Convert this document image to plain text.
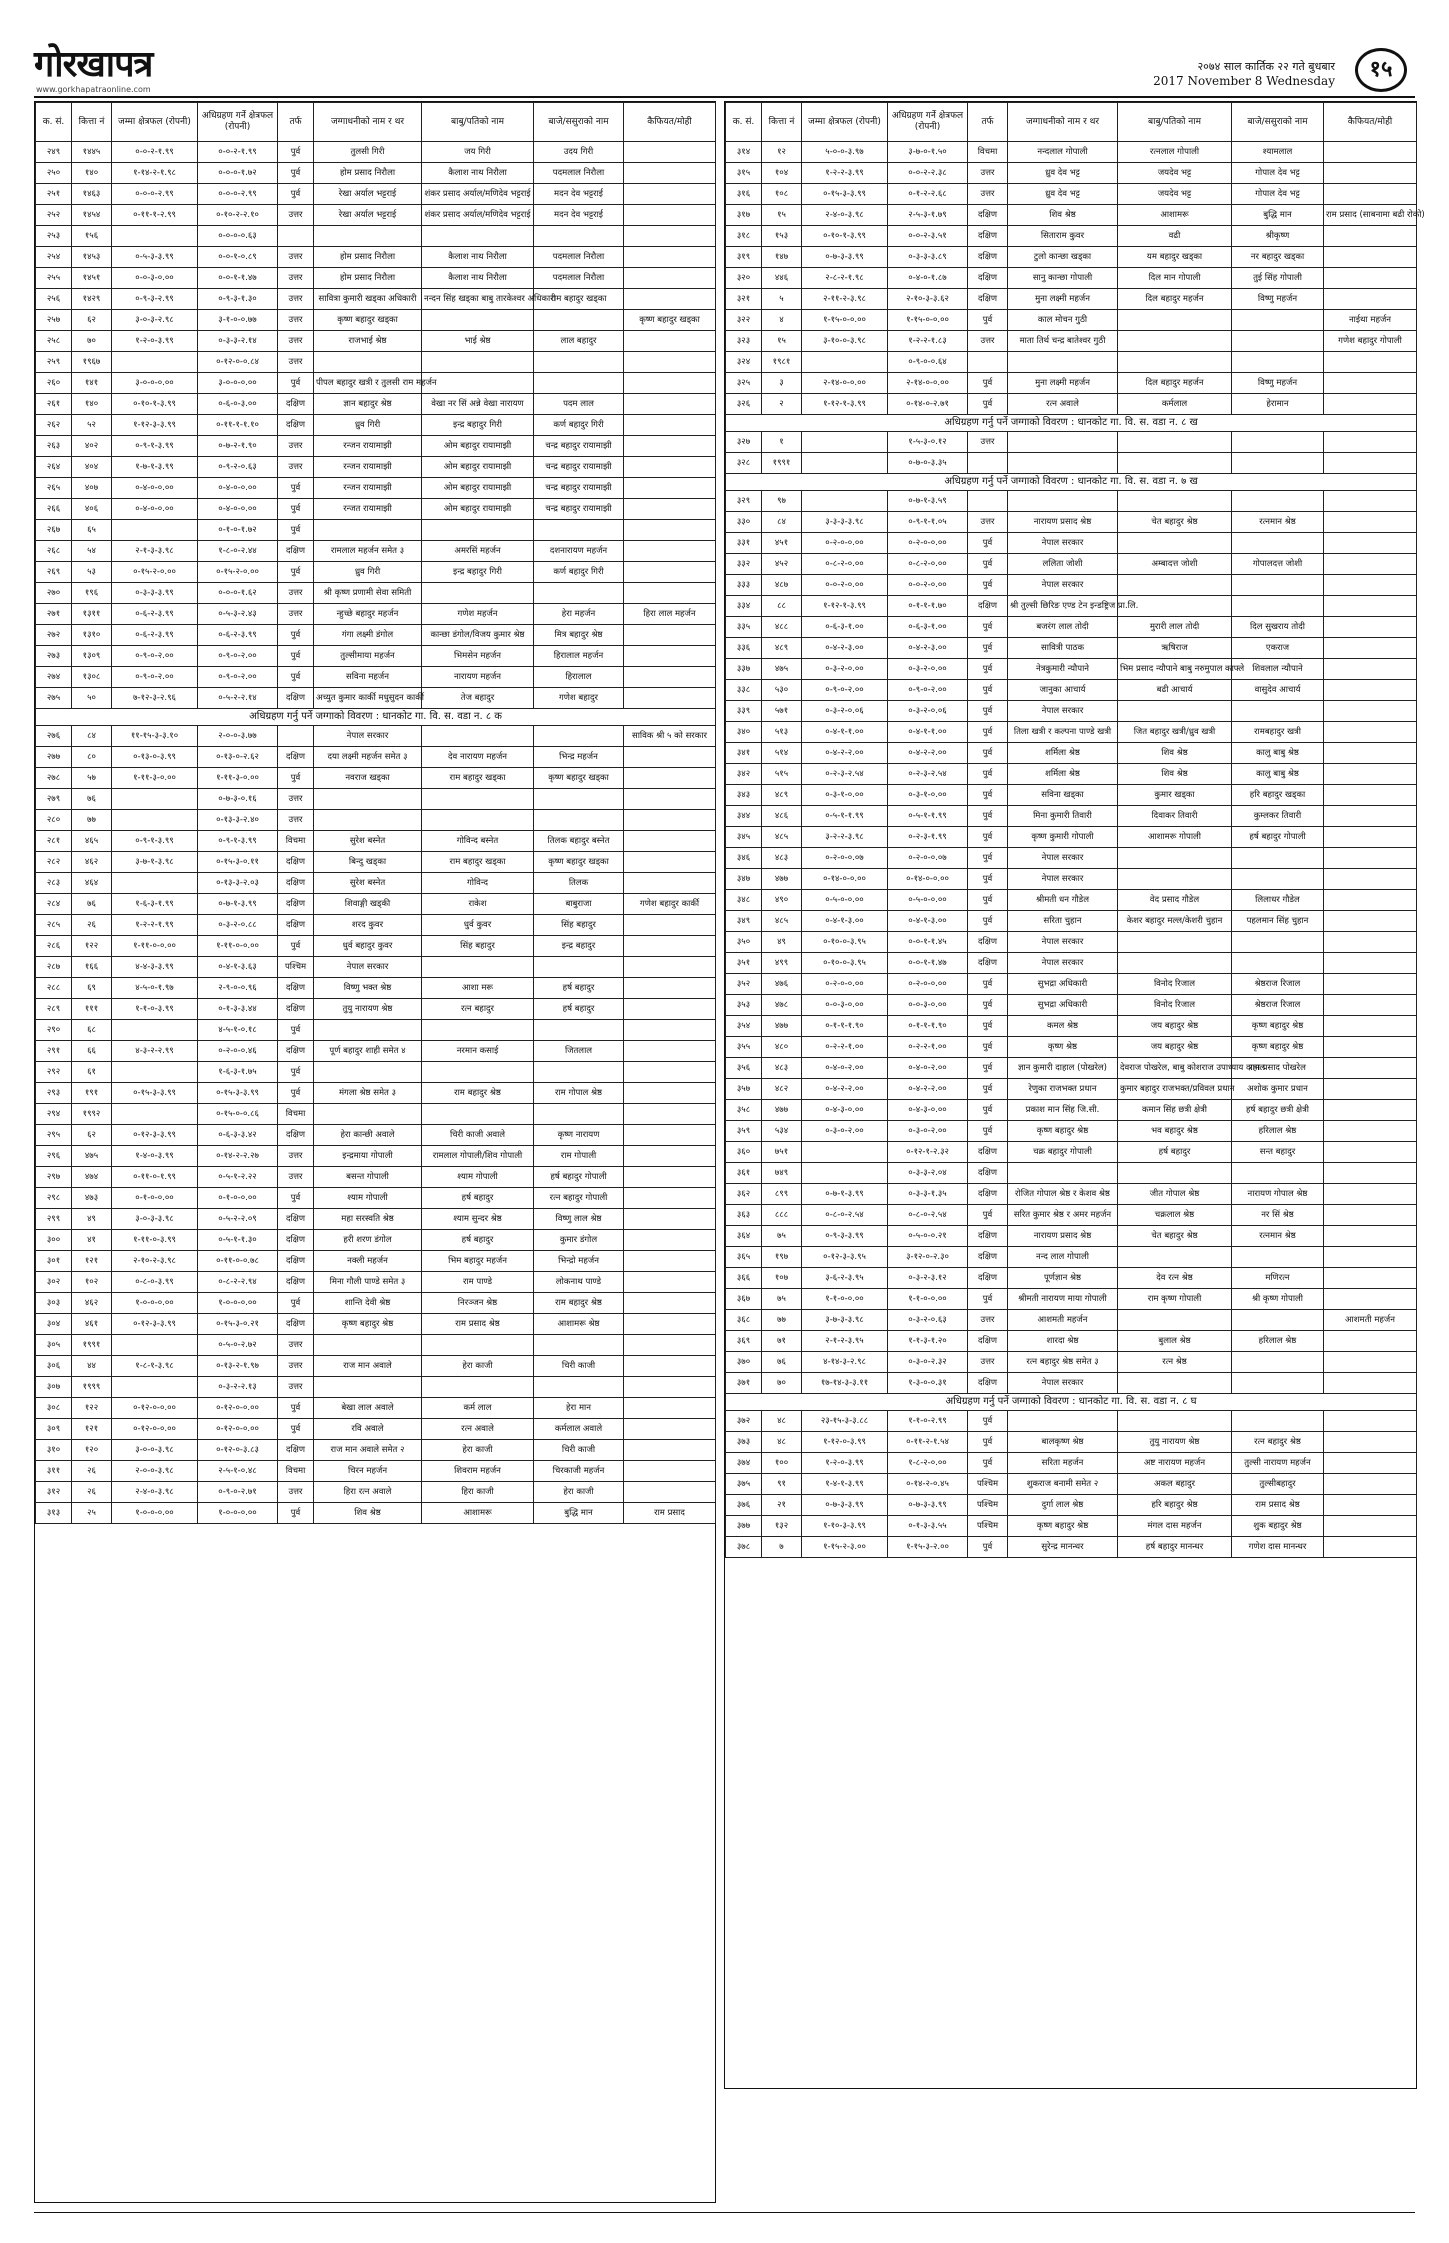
गोरखापत्र
www.gorkhapatraonline.com
२०७४ साल कार्तिक २२ गते बुधबार
2017 November 8 Wednesday	१५
क. सं.	कित्ता नं	जम्मा क्षेत्रफल (रोपनी)	अधिग्रहण गर्ने क्षेत्रफल (रोपनी)	तर्फ	जग्गाधनीको नाम र थर	बाबु/पतिको नाम	बाजे/ससुराको नाम	कैफियत/मोही
२४९	१४४५	०-०-२-१.९९	०-०-२-१.९९	पुर्व	तुलसी गिरी	जय गिरी	उदय गिरी	
२५०	१४०	१-१४-२-१.९८	०-०-०-१.७२	पुर्व	होम प्रसाद निरौला	कैलाश नाथ निरौला	पदमलाल निरौला	
२५१	१४६३	०-०-०-२.९९	०-०-०-२.९९	पुर्व	रेखा अर्याल भट्टराई	शंकर प्रसाद अर्याल/मणिदेव भट्टराई	मदन देव भट्टराई	
२५२	१४५४	०-११-१-२.९९	०-१०-२-२.१०	उत्तर	रेखा अर्याल भट्टराई	शंकर प्रसाद अर्याल/मणिदेव भट्टराई	मदन देव भट्टराई	
२५३	१५६		०-०-०-०.६३					
२५४	१४५३	०-५-३-३.९९	०-०-१-०.८९	उत्तर	होम प्रसाद निरौला	कैलाश नाथ निरौला	पदमलाल निरौला	
२५५	१४५१	०-०-३-०.००	०-०-१-१.४७	उत्तर	होम प्रसाद निरौला	कैलाश नाथ निरौला	पदमलाल निरौला	
२५६	१४२९	०-९-३-२.९९	०-९-३-१.३०	उत्तर	सावित्रा कुमारी खड्का अधिकारी	नन्दन सिंह खड्का बाबु तारकेश्वर अधिकारी	राम बहादुर खड्का	
२५७	६२	३-०-३-२.९८	३-१-०-०.७७	उत्तर	कृष्ण बहादुर खड्का			कृष्ण बहादुर खड्का
२५८	७०	१-२-०-३.९९	०-३-३-२.१४	उत्तर	राजभाई श्रेष्ठ	भाई श्रेष्ठ	लाल बहादुर	
२५९	१९६७		०-१२-०-०.८४	उत्तर				
२६०	१४१	३-०-०-०.००	३-०-०-०.००	पुर्व	पीपल बहादुर खत्री र तुलसी राम महर्जन			
२६१	१४०	०-१०-१-३.९९	०-६-०-३.००	दक्षिण	ज्ञान बहादुर श्रेष्ठ	वेखा नर सिं अन्ने वेखा नारायण	पदम लाल	
२६२	५२	१-१२-३-३.९९	०-११-१-१.१०	दक्षिण	ध्रुव गिरी	इन्द्र बहादुर गिरी	कर्ण बहादुर गिरी	
२६३	४०२	०-९-१-३.९९	०-७-२-१.९०	उत्तर	रन्जन रायामाझी	ओम बहादुर रायामाझी	चन्द्र बहादुर रायामाझी	
२६४	४०४	१-७-१-३.९९	०-९-२-०.६३	उत्तर	रन्जन रायामाझी	ओम बहादुर रायामाझी	चन्द्र बहादुर रायामाझी	
२६५	४०७	०-४-०-०.००	०-४-०-०.००	पुर्व	रन्जन रायामाझी	ओम बहादुर रायामाझी	चन्द्र बहादुर रायामाझी	
२६६	४०६	०-४-०-०.००	०-४-०-०.००	पुर्व	रन्जत रायामाझी	ओम बहादुर रायामाझी	चन्द्र बहादुर रायामाझी	
२६७	६५		०-१-०-१.७२	पुर्व				
२६८	५४	२-१-३-३.९८	१-८-०-२.४४	दक्षिण	रामलाल महर्जन समेत ३	अमरसिं महर्जन	दशनारायण महर्जन	
२६९	५३	०-१५-२-०.००	०-१५-२-०.००	पुर्व	ध्रुव गिरी	इन्द्र बहादुर गिरी	कर्ण बहादुर गिरी	
२७०	१९६	०-३-३-३.९९	०-०-०-१.६२	उत्तर	श्री कृष्ण प्रणामी सेवा समिती			
२७१	१३११	०-६-२-३.९९	०-५-३-२.४३	उत्तर	न्हुच्छे बहादुर महर्जन	गणेश महर्जन	हेरा महर्जन	हिरा लाल महर्जन
२७२	१३१०	०-६-२-३.९९	०-६-२-३.९९	पुर्व	गंगा लक्ष्मी डंगोल	कान्छा डंगोल/विजय कुमार श्रेष्ठ	मित्र बहादुर श्रेष्ठ	
२७३	१३०९	०-९-०-२.००	०-९-०-२.००	पुर्व	तुल्सीमाया महर्जन	भिमसेन महर्जन	हिरालाल महर्जन	
२७४	१३०८	०-९-०-२.००	०-९-०-२.००	पुर्व	सविना महर्जन	नारायण महर्जन	हिरालाल	
२७५	५०	७-१२-३-२.९६	०-५-२-२.१४	दक्षिण	अच्युत कुमार कार्की मधुसुदन कार्की	तेज बहादुर	गणेश बहादुर	
अधिग्रहण गर्नु पर्ने जग्गाको विवरण : धानकोट गा. वि. स. वडा न. ८ क								
२७६	८४	११-१५-३-३.१०	२-०-०-३.७७		नेपाल सरकार			साविक श्री ५ को सरकार
२७७	८०	०-१३-०-३.९९	०-१३-०-२.६२	दक्षिण	दया लक्ष्मी महर्जन समेत ३	देव नारायण महर्जन	भिन्द्र महर्जन	
२७८	५७	१-११-३-०.००	१-११-३-०.००	पुर्व	नवराज खड्का	राम बहादुर खड्का	कृष्ण बहादुर खड्का	
२७९	७६		०-७-३-०.१६	उत्तर				
२८०	७७		०-१३-३-२.४०	उत्तर				
२८१	४६५	०-९-१-३.९९	०-९-१-३.९९	विचमा	सुरेश बस्नेत	गोविन्द बस्नेत	तिलक बहादुर बस्नेत	
२८२	४६२	३-७-१-३.९८	०-१५-३-०.११	दक्षिण	बिन्दु खड्का	राम बहादुर खड्का	कृष्ण बहादुर खड्का	
२८३	४६४		०-१३-३-२.०३	दक्षिण	सुरेश बस्नेत	गोविन्द	तिलक	
२८४	७६	१-६-३-१.९९	०-७-१-३.९९	दक्षिण	शिवाङ्गी खड्की	राकेश	बाबुराजा	गणेश बहादुर कार्की
२८५	२६	१-२-२-१.९९	०-३-२-०.८८	दक्षिण	शरद कुवर	धुर्व कुवर	सिंह बहादुर	
२८६	१२२	१-११-०-०.००	१-११-०-०.००	पुर्व	धुर्व बहादुर कुवर	सिंह बहादुर	इन्द्र बहादुर	
२८७	१६६	४-४-३-३.९९	०-४-१-३.६३	पश्चिम	नेपाल सरकार			
२८८	६९	४-५-०-१.९७	२-९-०-०.९६	दक्षिण	विष्णु भक्त श्रेष्ठ	आशा मरू	हर्ष बहादुर	
२८९	१११	१-१-०-३.९९	०-१-३-३.४४	दक्षिण	तुयु नारायण श्रेष्ठ	रत्न बहादुर	हर्ष बहादुर	
२९०	६८		४-५-१-०.१८	पुर्व				
२९१	६६	४-३-२-२.९९	०-२-०-०.४६	दक्षिण	पूर्ण बहादुर शाही समेत ४	नरमान कसाई	जितलाल	
२९२	६१		१-६-३-१.७५	पुर्व				
२९३	१९१	०-१५-३-३.९९	०-१५-३-३.९९	पुर्व	मंगला श्रेष्ठ समेत ३	राम बहादुर श्रेष्ठ	राम गोपाल श्रेष्ठ	
२९४	१९९२		०-१५-०-०.८६	विचमा				
२९५	६२	०-१२-३-३.९९	०-६-३-३.४२	दक्षिण	हेरा कान्छी अवाले	चिरी काजी अवाले	कृष्ण नारायण	
२९६	४७५	१-४-०-३.९९	०-१४-२-२.२७	उत्तर	इन्द्रमाया गोपाली	रामलाल गोपाली/शिव गोपाली	राम गोपाली	
२९७	४७४	०-११-०-१.९९	०-५-१-२.२२	उत्तर	बसन्त गोपाली	श्याम गोपाली	हर्ष बहादुर गोपाली	
२९८	४७३	०-१-०-०.००	०-१-०-०.००	पुर्व	श्याम गोपाली	हर्ष बहादुर	रत्न बहादुर गोपाली	
२९९	४९	३-०-३-३.९८	०-५-२-२.०९	दक्षिण	महा सरस्वति श्रेष्ठ	श्याम सुन्दर श्रेष्ठ	विष्णु लाल श्रेष्ठ	
३००	४१	१-११-०-३.९९	०-५-१-१.३०	दक्षिण	हरी शरण डंगोल	हर्ष बहादुर	कुमार डंगोल	
३०१	१२१	२-१०-२-३.९८	०-११-०-०.७८	दक्षिण	नक्ली महर्जन	भिम बहादुर महर्जन	भिन्द्रो महर्जन	
३०२	१०२	०-८-०-३.९९	०-८-२-२.९४	दक्षिण	मिना गौली पाण्डे समेत ३	राम पाण्डे	लोकनाथ पाण्डे	
३०३	४६२	१-०-०-०.००	१-०-०-०.००	पुर्व	शान्ति देवी श्रेष्ठ	निरञ्जन श्रेष्ठ	राम बहादुर श्रेष्ठ	
३०४	४६१	०-१२-३-३.९९	०-१५-३-०.२१	दक्षिण	कृष्ण बहादुर श्रेष्ठ	राम प्रसाद श्रेष्ठ	आशामरू श्रेष्ठ	
३०५	१९९१		०-५-०-२.७२	उत्तर				
३०६	४४	१-८-१-३.९८	०-१३-२-१.९७	उत्तर	राज मान अवाले	हेरा काजी	चिरी काजी	
३०७	१९९९		०-३-२-२.१३	उत्तर				
३०८	१२२	०-१२-०-०.००	०-१२-०-०.००	पुर्व	बेखा लाल अवाले	कर्म लाल	हेरा मान	
३०९	१२१	०-१२-०-०.००	०-१२-०-०.००	पुर्व	रवि अवाले	रत्न अवाले	कर्मलाल अवाले	
३१०	१२०	३-०-०-३.९८	०-१२-०-३.८३	दक्षिण	राज मान अवाले समेत २	हेरा काजी	चिरी काजी	
३११	२६	२-०-०-३.९८	२-५-१-०.४८	विचमा	चिरन महर्जन	शिवराम महर्जन	चिरकाजी महर्जन	
३१२	२६	२-४-०-३.९८	०-९-०-२.७१	उत्तर	हिरा रत्न अवाले	हिरा काजी	हेरा काजी	
३१३	२५	१-०-०-०.००	१-०-०-०.००	पुर्व	शिव श्रेष्ठ	आशामरू	बुद्धि मान	राम प्रसाद
क. सं.	कित्ता नं	जम्मा क्षेत्रफल (रोपनी)	अधिग्रहण गर्ने क्षेत्रफल (रोपनी)	तर्फ	जग्गाधनीको नाम र थर	बाबु/पतिको नाम	बाजे/ससुराको नाम	कैफियत/मोही
३१४	१२	५-०-०-३.९७	३-७-०-१.५०	विचमा	नन्दलाल गोपाली	रत्नलाल गोपाली	श्यामलाल	
३१५	१०४	१-२-२-३.९९	०-०-२-२.३८	उत्तर	ध्रुव देव भट्ट	जयदेव भट्ट	गोपाल देव भट्ट	
३१६	१०८	०-१५-३-३.९९	०-१-२-२.६८	उत्तर	ध्रुव देव भट्ट	जयदेव भट्ट	गोपाल देव भट्ट	
३१७	१५	२-४-०-३.९८	२-५-३-१.७९	दक्षिण	शिव श्रेष्ठ	आशामरू	बुद्धि मान	राम प्रसाद (साबनामा बढी रोको)
३१८	१५३	०-१०-१-३.९९	०-०-२-३.५१	दक्षिण	सिताराम कुवर	वढी	श्रीकृष्ण	
३१९	१४७	०-७-३-३.९९	०-३-३-३.८९	दक्षिण	टुलो कान्छा खड्का	यम बहादुर खड्का	नर बहादुर खड्का	
३२०	४४६	२-८-२-१.९८	०-४-०-१.८७	दक्षिण	सानु कान्छा गोपाली	दिल मान गोपाली	तुई सिंह गोपाली	
३२१	५	२-११-२-३.९८	२-१०-३-३.६२	दक्षिण	मुना लक्ष्मी महर्जन	दिल बहादुर महर्जन	विष्णु महर्जन	
३२२	४	१-१५-०-०.००	१-१५-०-०.००	पुर्व	काल मोचन गुठी			नाईथा महर्जन
३२३	१५	३-१०-०-३.९८	१-२-२-१.८३	उत्तर	माता तिर्थ चन्द्र बातेश्वर गुठी			गणेश बहादुर गोपाली
३२४	१९८१		०-९-०-०.६४					
३२५	३	२-१४-०-०.००	२-१४-०-०.००	पुर्व	मुना लक्ष्मी महर्जन	दिल बहादुर महर्जन	विष्णु महर्जन	
३२६	२	१-१२-१-३.९९	०-१४-०-२.७१	पुर्व	रत्न अवाले	कर्मलाल	हेरामान	
अधिग्रहण गर्नु पर्ने जग्गाको विवरण : धानकोट गा. वि. स. वडा न. ८ ख								
३२७	१		१-५-३-०.१२	उत्तर				
३२८	१९९१		०-७-०-३.३५					
अधिग्रहण गर्नु पर्ने जग्गाको विवरण : धानकोट गा. वि. स. वडा न. ७ ख								
३२९	९७		०-७-१-३.५९					
३३०	८४	३-३-३-३.९८	०-९-१-१.०५	उत्तर	नारायण प्रसाद श्रेष्ठ	चेत बहादुर श्रेष्ठ	रत्नमान श्रेष्ठ	
३३१	४५१	०-२-०-०.००	०-२-०-०.००	पुर्व	नेपाल सरकार			
३३२	४५२	०-८-२-०.००	०-८-२-०.००	पुर्व	ललिता जोशी	अम्बादत्त जोशी	गोपालदत्त जोशी	
३३३	४८७	०-०-२-०.००	०-०-२-०.००	पुर्व	नेपाल सरकार			
३३४	८८	१-१२-१-३.९९	०-१-१-१.७०	दक्षिण	श्री तुल्सी छिरिङ एण्ड टेन इन्डष्ट्रिज प्रा.लि.			
३३५	४८८	०-६-३-१.००	०-६-३-१.००	पुर्व	बजरंग लाल तोदी	मुरारी लाल तोदी	दिल सुखराय तोदी	
३३६	४८९	०-४-२-३.००	०-४-२-३.००	पुर्व	सावित्री पाठक	ऋषिराज	एकराज	
३३७	४७५	०-३-२-०.००	०-३-२-०.००	पुर्व	नेत्रकुमारी न्यौपाने	भिम प्रसाद न्यौपाने बाबु नरुमुपाल काफ्ले	शिवलाल न्यौपाने	
३३८	५३०	०-९-०-२.००	०-९-०-२.००	पुर्व	जानुका आचार्य	बढी आचार्य	वासुदेव आचार्य	
३३९	५७१	०-३-२-०.०६	०-३-२-०.०६	पुर्व	नेपाल सरकार			
३४०	५१३	०-४-१-१.००	०-४-१-१.००	पुर्व	तिला खत्री र कल्पना पाण्डे खत्री	जित बहादुर खत्री/ध्रुव खत्री	रामबहादुर खत्री	
३४१	५१४	०-४-२-२.००	०-४-२-२.००	पुर्व	शर्मिला श्रेष्ठ	शिव श्रेष्ठ	कालु बाबु श्रेष्ठ	
३४२	५१५	०-२-३-२.५४	०-२-३-२.५४	पुर्व	शर्मिला श्रेष्ठ	शिव श्रेष्ठ	कालु बाबु श्रेष्ठ	
३४३	४८९	०-३-१-०.००	०-३-१-०.००	पुर्व	सविना खड्का	कुमार खड्का	हरि बहादुर खड्का	
३४४	४८६	०-५-१-१.९९	०-५-१-१.९९	पुर्व	मिना कुमारी तिवारी	दिवाकर तिवारी	कुम्लकर तिवारी	
३४५	४८५	३-२-२-३.९८	०-२-३-१.९९	पुर्व	कृष्ण कुमारी गोपाली	आशामरू गोपाली	हर्ष बहादुर गोपाली	
३४६	४८३	०-२-०-०.०७	०-२-०-०.०७	पुर्व	नेपाल सरकार			
३४७	४७७	०-१४-०-०.००	०-१४-०-०.००	पुर्व	नेपाल सरकार			
३४८	४९०	०-५-०-०.००	०-५-०-०.००	पुर्व	श्रीमती धन गौडेल	वेद प्रसाद गौडेल	लिलाधर गौडेल	
३४९	४८५	०-४-१-३.००	०-४-१-३.००	पुर्व	सरिता चुहान	केशर बहादुर मल्ल/केशरी चुहान	पहलमान सिंह चुहान	
३५०	४९	०-१०-०-३.९५	०-०-१-१.४५	दक्षिण	नेपाल सरकार			
३५१	४९९	०-१०-०-३.९५	०-०-१-१.४७	दक्षिण	नेपाल सरकार			
३५२	४७६	०-२-०-०.००	०-२-०-०.००	पुर्व	सुभद्रा अधिकारी	विनोद रिजाल	श्रेष्ठराज रिजाल	
३५३	४७८	०-०-३-०.००	०-०-३-०.००	पुर्व	सुभद्रा अधिकारी	विनोद रिजाल	श्रेष्ठराज रिजाल	
३५४	४७७	०-१-१-१.९०	०-१-१-१.९०	पुर्व	कमल श्रेष्ठ	जय बहादुर श्रेष्ठ	कृष्ण बहादुर श्रेष्ठ	
३५५	४८०	०-२-२-१.००	०-२-२-१.००	पुर्व	कृष्ण श्रेष्ठ	जय बहादुर श्रेष्ठ	कृष्ण बहादुर श्रेष्ठ	
३५६	४८३	०-४-०-२.००	०-४-०-२.००	पुर्व	ज्ञान कुमारी दाहाल (पोखरेल)	देवराज पोखरेल, बाबु कोशराज उपाध्याय दाहाल	राम प्रसाद पोखरेल	
३५७	४८२	०-४-२-२.००	०-४-२-२.००	पुर्व	रेणुका राजभक्त प्रधान	कुमार बहादुर राजभक्त/प्रविवल प्रधान	अशोक कुमार प्रधान	
३५८	४७७	०-४-३-०.००	०-४-३-०.००	पुर्व	प्रकाश मान सिंह जि.सी.	कमान सिंह छत्री क्षेत्री	हर्ष बहादुर छत्री क्षेत्री	
३५९	५३४	०-३-०-२.००	०-३-०-२.००	पुर्व	कृष्ण बहादुर श्रेष्ठ	भव बहादुर श्रेष्ठ	हरिलाल श्रेष्ठ	
३६०	७५१		०-१२-१-२.३२	दक्षिण	चक्र बहादुर गोपाली	हर्ष बहादुर	सन्त बहादुर	
३६१	७४९		०-३-३-२.०४	दक्षिण				
३६२	८९९	०-७-१-३.९९	०-३-३-१.३५	दक्षिण	रोजित गोपाल श्रेष्ठ र केशव श्रेष्ठ	जीत गोपाल श्रेष्ठ	नारायण गोपाल श्रेष्ठ	
३६३	८८८	०-८-०-२.५४	०-८-०-२.५४	पुर्व	सरित कुमार श्रेष्ठ र अमर महर्जन	चक्रलाल श्रेष्ठ	नर सिं श्रेष्ठ	
३६४	७५	०-९-३-३.९९	०-५-०-०.२१	दक्षिण	नारायण प्रसाद श्रेष्ठ	चेत बहादुर श्रेष्ठ	रत्नमान श्रेष्ठ	
३६५	१९७	०-१२-३-३.९५	३-१२-०-२.३०	दक्षिण	नन्द लाल गोपाली			
३६६	१०७	३-६-२-३.९५	०-३-२-३.१२	दक्षिण	पूर्णज्ञान श्रेष्ठ	देव रत्न श्रेष्ठ	मणिरत्न	
३६७	७५	१-१-०-०.००	१-१-०-०.००	पुर्व	श्रीमती नारायण माया गोपाली	राम कृष्ण गोपाली	श्री कृष्ण गोपाली	
३६८	७७	३-७-३-३.९८	०-३-२-०.६३	उत्तर	आशमती महर्जन			आशमती महर्जन
३६९	७१	२-१-२-३.९५	१-१-३-१.२०	दक्षिण	शारदा श्रेष्ठ	बुलाल श्रेष्ठ	हरिलाल श्रेष्ठ	
३७०	७६	४-१४-३-२.९८	०-३-०-२.३२	उत्तर	रत्न बहादुर श्रेष्ठ समेत ३	रत्न श्रेष्ठ		
३७१	७०	१७-१४-३-३.११	१-३-०-०.३१	दक्षिण	नेपाल सरकार			
अधिग्रहण गर्नु पर्ने जग्गाको विवरण : धानकोट गा. वि. स. वडा न. ८ घ								
३७२	४८	२३-१५-३-३.८८	१-१-०-२.९९	पुर्व				
३७३	४८	१-१२-०-३.९९	०-११-२-१.५४	पुर्व	बालकृष्ण श्रेष्ठ	तुयु नारायण श्रेष्ठ	रत्न बहादुर श्रेष्ठ	
३७४	१००	१-२-०-३.९९	१-८-२-०.००	पुर्व	सरिता महर्जन	अष्ट नारायण महर्जन	तुल्सी नारायण महर्जन	
३७५	९१	१-४-१-३.९९	०-१४-२-०.४५	पश्चिम	शुकराज बनामी समेत २	अकल बहादुर	तुल्सीबहादुर	
३७६	२१	०-७-३-३.९९	०-७-३-३.९९	पश्चिम	दुर्गा लाल श्रेष्ठ	हरि बहादुर श्रेष्ठ	राम प्रसाद श्रेष्ठ	
३७७	१३२	१-१०-३-३.९९	०-१-३-३.५५	पश्चिम	कृष्ण बहादुर श्रेष्ठ	मंगल दास महर्जन	शुक बहादुर श्रेष्ठ	
३७८	७	१-१५-२-३.००	१-१५-३-२.००	पुर्व	सुरेन्द्र मानन्धर	हर्ष बहादुर मानन्धर	गणेश दास मानन्धर	
